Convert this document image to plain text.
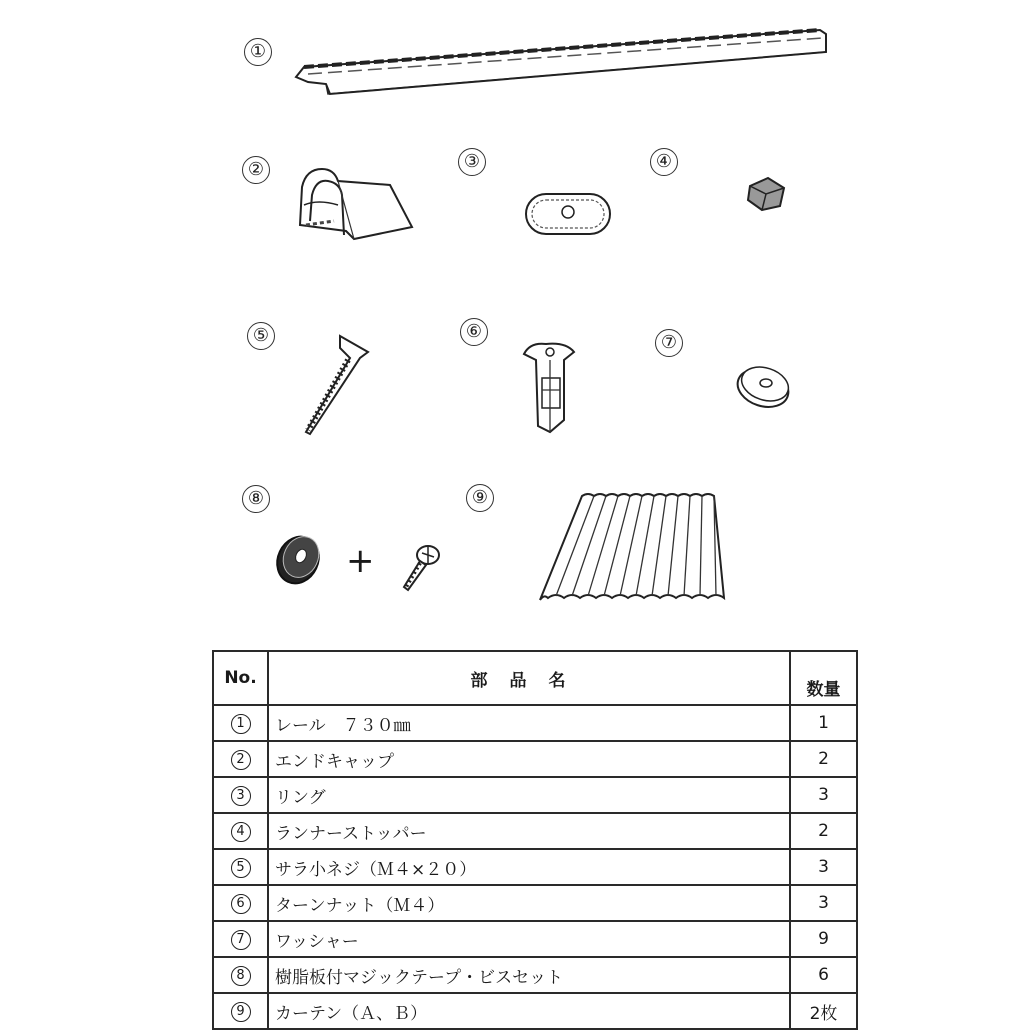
①
②	③	④
⑤	⑥
⑦
⑧
+
⑨
No.	部品名	数量
1	レール　７３０㎜	1
2	エンドキャップ	2
3	リング	3
4	ランナーストッパー	2
5	サラ小ネジ（Ｍ４×２０）	3
6	ターンナット（Ｍ４）	3
7	ワッシャー	9
8	樹脂板付マジックテープ・ビスセット	6
9	カーテン（Ａ、Ｂ）	2枚
